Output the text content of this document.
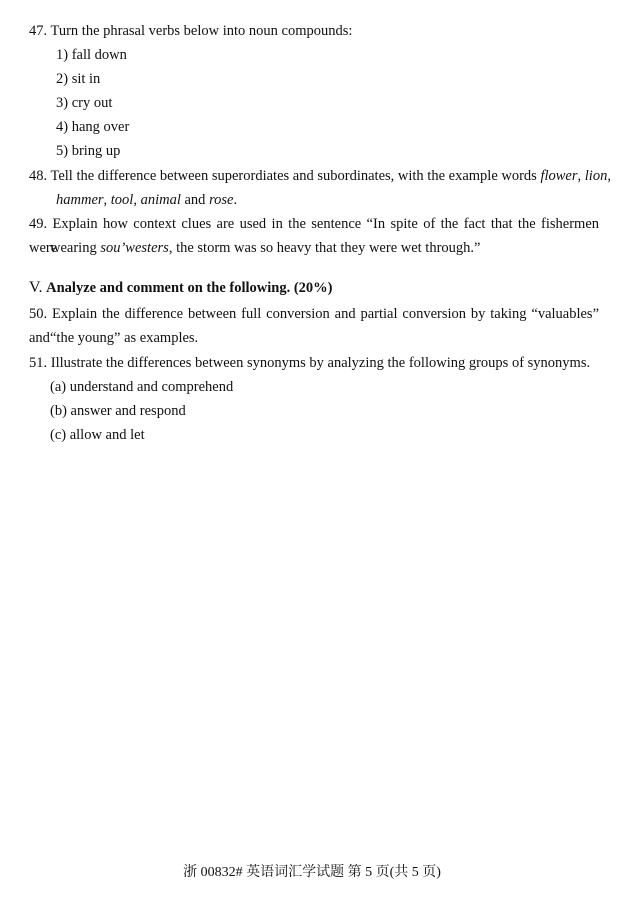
47. Turn the phrasal verbs below into noun compounds:
1) fall down
2) sit in
3) cry out
4) hang over
5) bring up
48. Tell the difference between superordiates and subordinates, with the example words flower, lion,
hammer, tool, animal and rose.
49. Explain how context clues are used in the sentence “In spite of the fact that the fishermen were
wearing sou’westers, the storm was so heavy that they were wet through.”
V. Analyze and comment on the following. (20%)
50. Explain the difference between full conversion and partial conversion by taking “valuables” and “the young” as examples.
51. Illustrate the differences between synonyms by analyzing the following groups of synonyms.
(a) understand and comprehend
(b) answer and respond
(c) allow and let
浙 00832# 英语词汇学试题 第 5 页(共 5 页)
